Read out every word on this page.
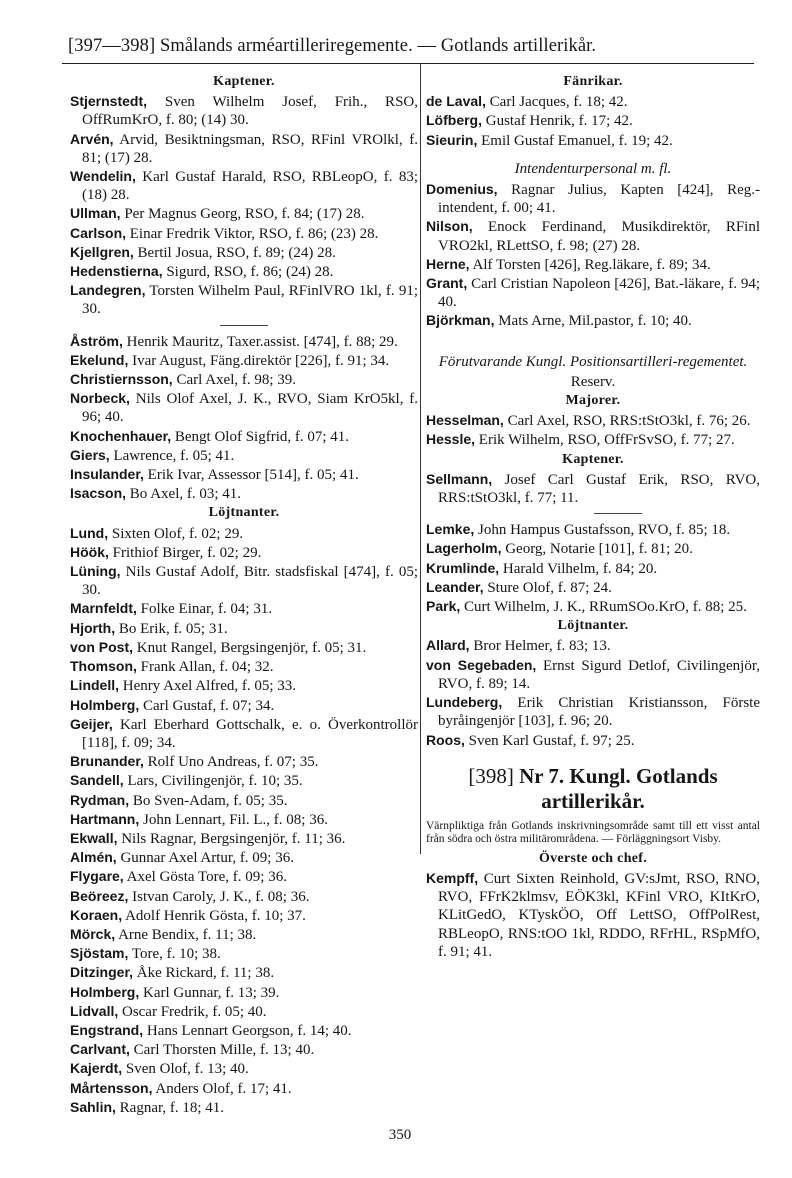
[397—398] Smålands arméartilleriregemente. — Gotlands artillerikår.
Kaptener.
Stjernstedt, Sven Wilhelm Josef, Frih., RSO, OffRumKrO, f. 80; (14) 30.
Arvén, Arvid, Besiktningsman, RSO, RFinl VROlkl, f. 81; (17) 28.
Wendelin, Karl Gustaf Harald, RSO, RBLeopO, f. 83; (18) 28.
Ullman, Per Magnus Georg, RSO, f. 84; (17) 28.
Carlson, Einar Fredrik Viktor, RSO, f. 86; (23) 28.
Kjellgren, Bertil Josua, RSO, f. 89; (24) 28.
Hedenstierna, Sigurd, RSO, f. 86; (24) 28.
Landegren, Torsten Wilhelm Paul, RFinlVRO 1kl, f. 91; 30.
Åström, Henrik Mauritz, Taxer.assist. [474], f. 88; 29.
Ekelund, Ivar August, Fäng.direktör [226], f. 91; 34.
Christiernsson, Carl Axel, f. 98; 39.
Norbeck, Nils Olof Axel, J. K., RVO, Siam KrO5kl, f. 96; 40.
Knochenhauer, Bengt Olof Sigfrid, f. 07; 41.
Giers, Lawrence, f. 05; 41.
Insulander, Erik Ivar, Assessor [514], f. 05; 41.
Isacson, Bo Axel, f. 03; 41.
Löjtnanter.
Lund, Sixten Olof, f. 02; 29.
Höök, Frithiof Birger, f. 02; 29.
Lüning, Nils Gustaf Adolf, Bitr. stadsfiskal [474], f. 05; 30.
Marnfeldt, Folke Einar, f. 04; 31.
Hjorth, Bo Erik, f. 05; 31.
von Post, Knut Rangel, Bergsingenjör, f. 05; 31.
Thomson, Frank Allan, f. 04; 32.
Lindell, Henry Axel Alfred, f. 05; 33.
Holmberg, Carl Gustaf, f. 07; 34.
Geijer, Karl Eberhard Gottschalk, e. o. Överkontrollör [118], f. 09; 34.
Brunander, Rolf Uno Andreas, f. 07; 35.
Sandell, Lars, Civilingenjör, f. 10; 35.
Rydman, Bo Sven-Adam, f. 05; 35.
Hartmann, John Lennart, Fil. L., f. 08; 36.
Ekwall, Nils Ragnar, Bergsingenjör, f. 11; 36.
Almén, Gunnar Axel Artur, f. 09; 36.
Flygare, Axel Gösta Tore, f. 09; 36.
Beöreez, Istvan Caroly, J. K., f. 08; 36.
Koraen, Adolf Henrik Gösta, f. 10; 37.
Mörck, Arne Bendix, f. 11; 38.
Sjöstam, Tore, f. 10; 38.
Ditzinger, Åke Rickard, f. 11; 38.
Holmberg, Karl Gunnar, f. 13; 39.
Lidvall, Oscar Fredrik, f. 05; 40.
Engstrand, Hans Lennart Georgson, f. 14; 40.
Carlvant, Carl Thorsten Mille, f. 13; 40.
Kajerdt, Sven Olof, f. 13; 40.
Mårtensson, Anders Olof, f. 17; 41.
Sahlin, Ragnar, f. 18; 41.
Fänrikar.
de Laval, Carl Jacques, f. 18; 42.
Löfberg, Gustaf Henrik, f. 17; 42.
Sieurin, Emil Gustaf Emanuel, f. 19; 42.
Intendenturpersonal m. fl.
Domenius, Ragnar Julius, Kapten [424], Reg.-intendent, f. 00; 41.
Nilson, Enock Ferdinand, Musikdirektör, RFinl VRO2kl, RLettSO, f. 98; (27) 28.
Herne, Alf Torsten [426], Reg.läkare, f. 89; 34.
Grant, Carl Cristian Napoleon [426], Bat.-läkare, f. 94; 40.
Björkman, Mats Arne, Mil.pastor, f. 10; 40.
Förutvarande Kungl. Positionsartilleri-regementet.
Reserv.
Majorer.
Hesselman, Carl Axel, RSO, RRS:tStO3kl, f. 76; 26.
Hessle, Erik Wilhelm, RSO, OffFrSvSO, f. 77; 27.
Kaptener.
Sellmann, Josef Carl Gustaf Erik, RSO, RVO, RRS:tStO3kl, f. 77; 11.
Lemke, John Hampus Gustafsson, RVO, f. 85; 18.
Lagerholm, Georg, Notarie [101], f. 81; 20.
Krumlinde, Harald Vilhelm, f. 84; 20.
Leander, Sture Olof, f. 87; 24.
Park, Curt Wilhelm, J. K., RRumSOo.KrO, f. 88; 25.
Löjtnanter.
Allard, Bror Helmer, f. 83; 13.
von Segebaden, Ernst Sigurd Detlof, Civilingenjör, RVO, f. 89; 14.
Lundeberg, Erik Christian Kristiansson, Förste byråingenjör [103], f. 96; 20.
Roos, Sven Karl Gustaf, f. 97; 25.
[398] Nr 7. Kungl. Gotlands artillerikår.
Värnpliktiga från Gotlands inskrivningsområde samt till ett visst antal från södra och östra militärområdena. — Förläggningsort Visby.
Överste och chef.
Kempff, Curt Sixten Reinhold, GV:sJmt, RSO, RNO, RVO, FFrK2klmsv, EÖK3kl, KFinl VRO, KItKrO, KLitGedO, KTyskÖO, Off LettSO, OffPolRest, RBLeopO, RNS:tOO 1kl, RDDO, RFrHL, RSpMfO, f. 91; 41.
350
